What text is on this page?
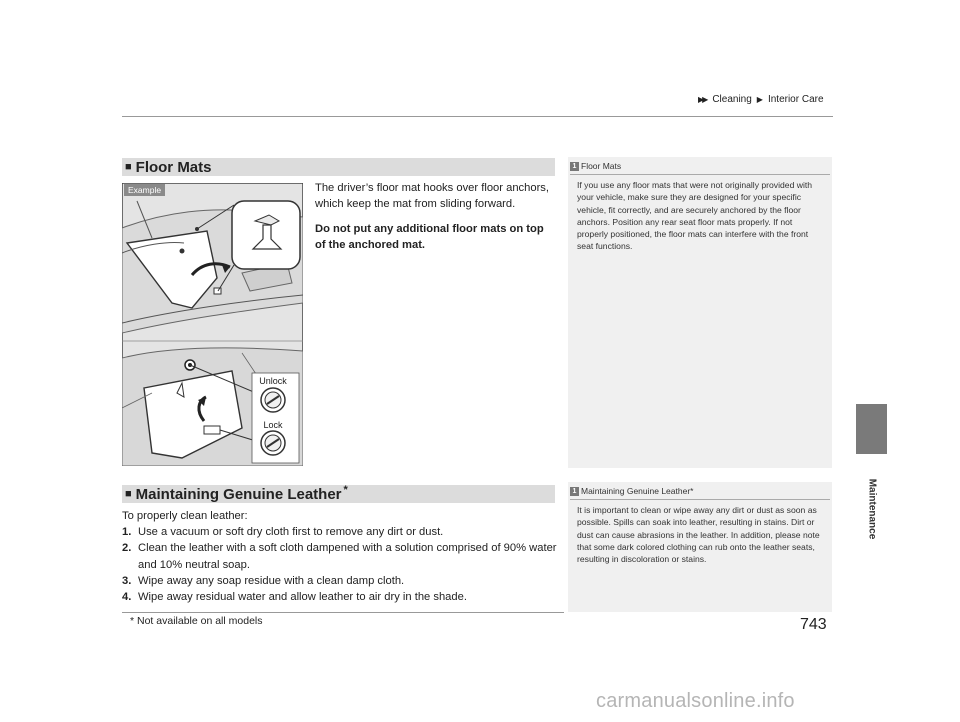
▶▶ Cleaning ▶ Interior Care
Maintenance
■ Floor Mats
Unlock
Lock
Example	The driver’s floor mat hooks over floor anchors, which keep the mat from sliding forward.

Do not put any additional floor mats on top of the anchored mat.

1 Floor Mats
If you use any floor mats that were not originally provided with your vehicle, make sure they are designed for your specific vehicle, fit correctly, and are securely anchored by the floor anchors. Position any rear seat floor mats properly. If not properly positioned, the floor mats can interfere with the front seat functions.
■ Maintaining Genuine Leather *

To properly clean leather:

1. Use a vacuum or soft dry cloth first to remove any dirt or dust.
2. Clean the leather with a soft cloth dampened with a solution comprised of 90% water and 10% neutral soap.
3. Wipe away any soap residue with a clean damp cloth.
4. Wipe away residual water and allow leather to air dry in the shade.
1 Maintaining Genuine Leather*
It is important to clean or wipe away any dirt or dust as soon as possible. Spills can soak into leather, resulting in stains. Dirt or dust can cause abrasions in the leather. In addition, please note that some dark colored clothing can rub onto the leather seats, resulting in discoloration or stains.
* Not available on all models	743
carmanualsonline.info
